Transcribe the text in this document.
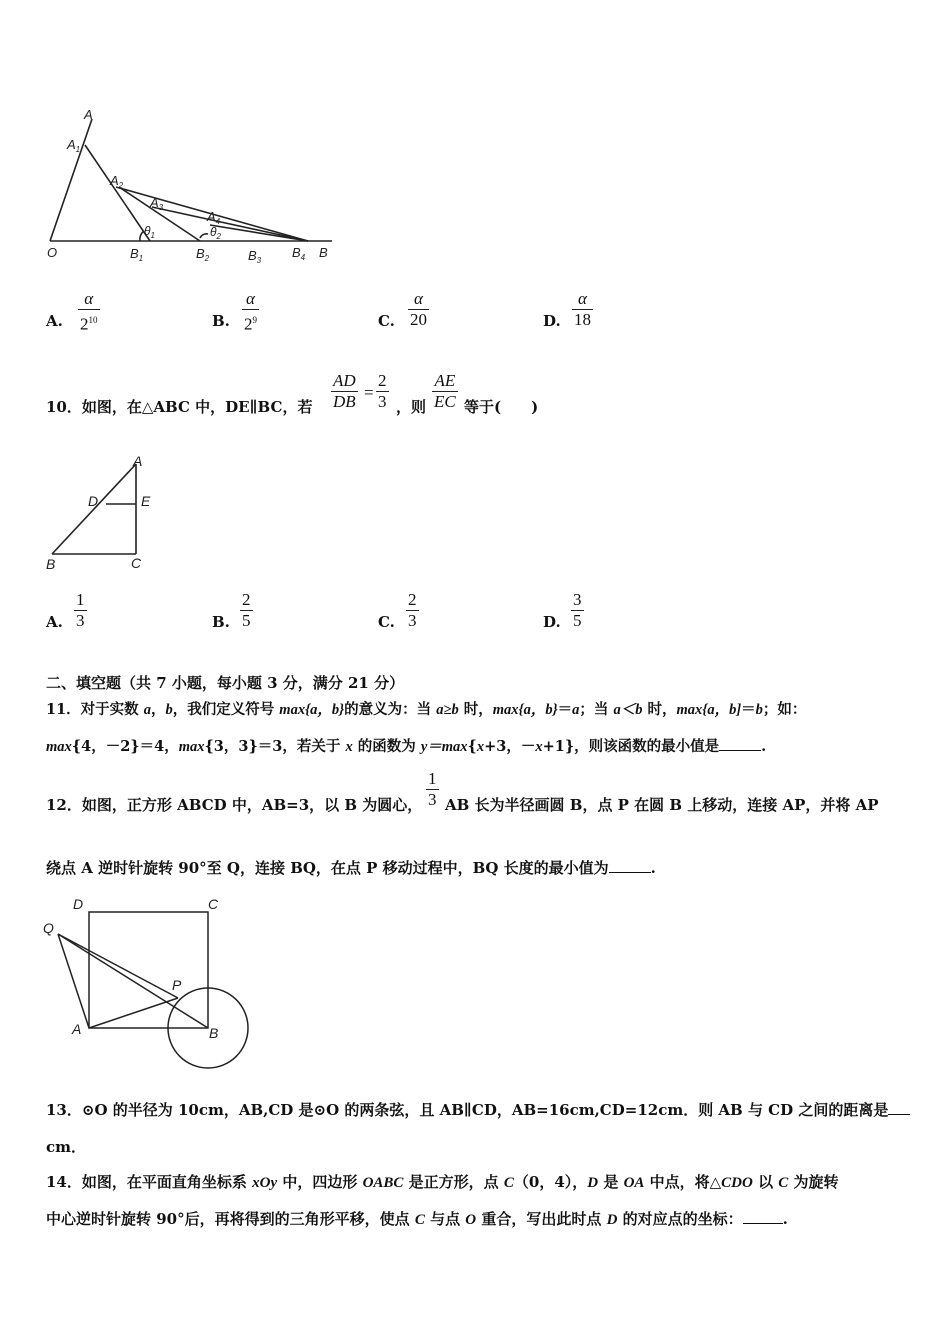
A
$A_1$
$A_2$
$A_3$
$A_4$
O	$B_1$	$B_2$	$B_3$
$B_4$ B
$\theta_1$	$\theta_2$
A. $\frac{\alpha}{2^{10}}$	B. $\frac{\alpha}{2^9}$	C. $\frac{\alpha}{20}$	D. $\frac{\alpha}{18}$
10．如图，在△ABC 中，DE∥BC，若 $\frac{AD}{DB} = \frac{2}{3}$ ，则 $\frac{AE}{EC}$ 等于(　　)
A
D	E
B	C
A. $\frac{1}{3}$	B. $\frac{2}{5}$	C. $\frac{2}{3}$	D. $\frac{3}{5}$
二、填空题（共 7 小题，每小题 3 分，满分 21 分）
11．对于实数 a，b，我们定义符号 max{a，b}的意义为：当 a≥b 时，max{a，b}＝a；当 a＜b 时，max{a，b]＝b；如：
max{4，－2}＝4，max{3，3}＝3，若关于 x 的函数为 y＝max{x+3，－x+1}，则该函数的最小值是	.
12．如图，正方形 ABCD 中，AB=3，以 B 为圆心， $\frac{1}{3}$ AB 长为半径画圆 B，点 P 在圆 B 上移动，连接 AP，并将 AP
绕点 A 逆时针旋转 90°至 Q，连接 BQ，在点 P 移动过程中，BQ 长度的最小值为	.
D	C
Q
P
A	B
13．⊙O 的半径为 10cm，AB,CD 是⊙O 的两条弦，且 AB∥CD，AB=16cm,CD=12cm．则 AB 与 CD 之间的距离是
cm．
14．如图，在平面直角坐标系 xOy 中，四边形 OABC 是正方形，点 C（0，4），D 是 OA 中点，将△CDO 以 C 为旋转
中心逆时针旋转 90°后，再将得到的三角形平移，使点 C 与点 O 重合，写出此时点 D 的对应点的坐标：	.
